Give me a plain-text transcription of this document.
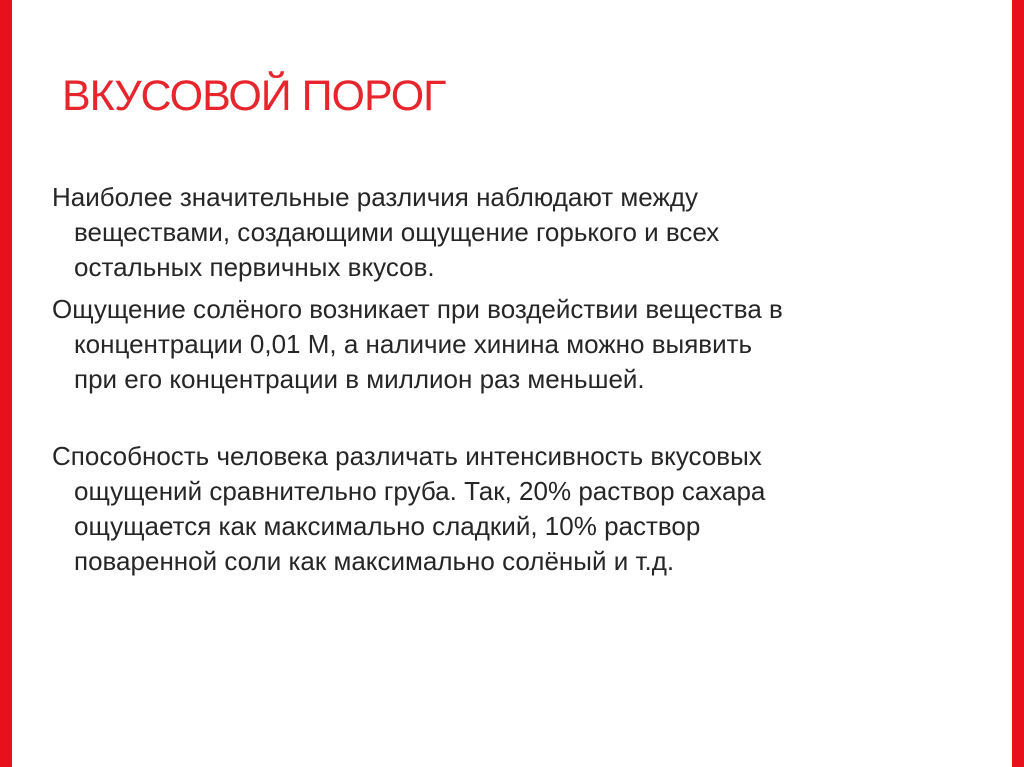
ВКУСОВОЙ ПОРОГ

Наиболее значительные различия наблюдают между
веществами, создающими ощущение горького и всех
остальных первичных вкусов.

Ощущение солёного возникает при воздействии вещества в
концентрации 0,01 М, а наличие хинина можно выявить
при его концентрации в миллион раз меньшей.

Способность человека различать интенсивность вкусовых
ощущений сравнительно груба. Так, 20% раствор сахара
ощущается как максимально сладкий, 10% раствор
поваренной соли как максимально солёный и т.д.
